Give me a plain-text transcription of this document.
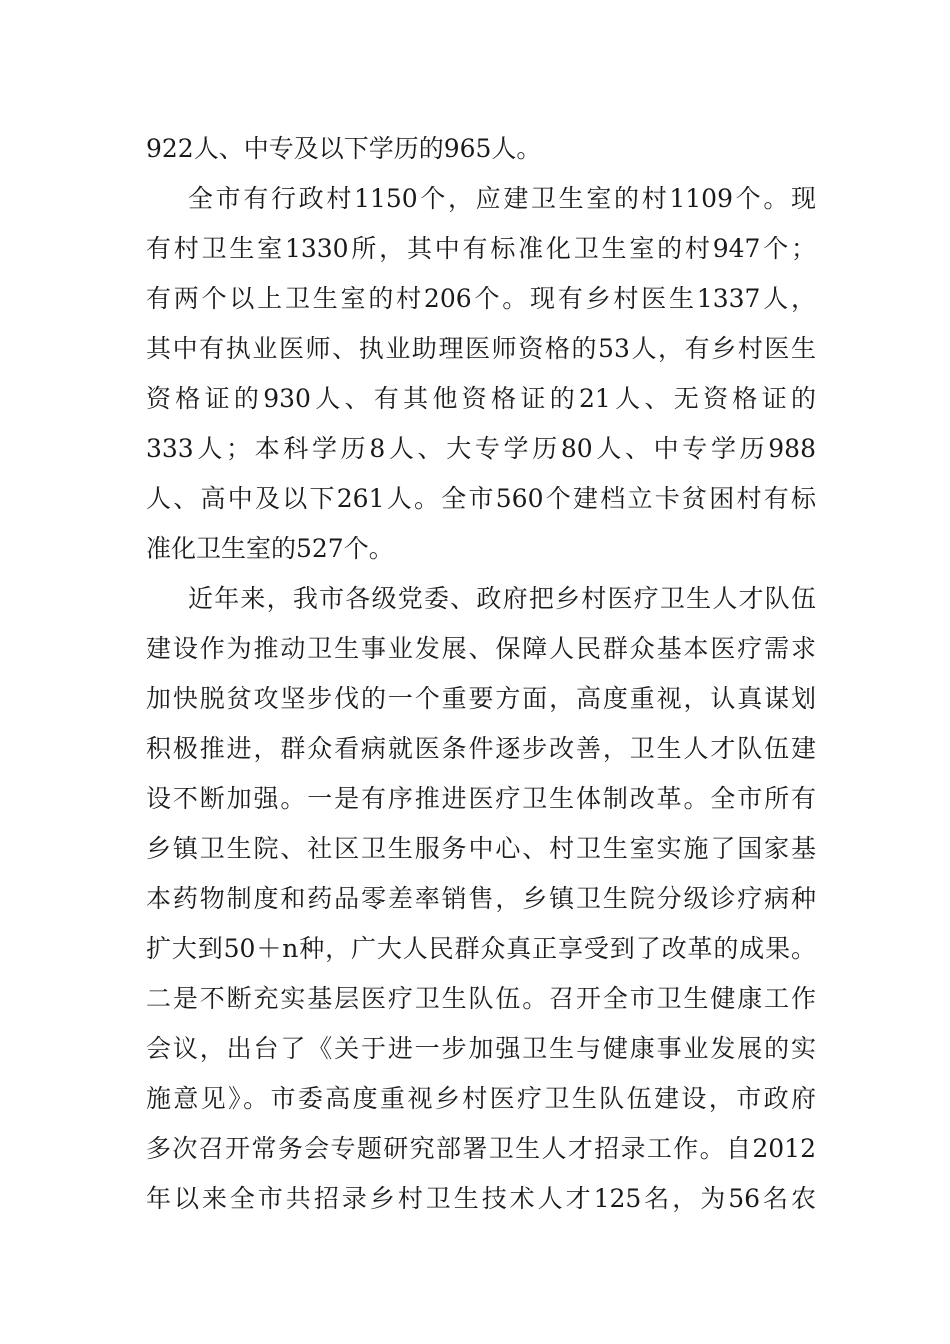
922人、中专及以下学历的965人。
全市有行政村1150个，应建卫生室的村1109个。现
有村卫生室1330所，其中有标准化卫生室的村947个；
有两个以上卫生室的村206个。现有乡村医生1337人，
其中有执业医师、执业助理医师资格的53人，有乡村医生
资格证的930人、有其他资格证的21人、无资格证的
333人；本科学历8人、大专学历80人、中专学历988
人、高中及以下261人。全市560个建档立卡贫困村有标
准化卫生室的527个。
近年来，我市各级党委、政府把乡村医疗卫生人才队伍
建设作为推动卫生事业发展、保障人民群众基本医疗需求
加快脱贫攻坚步伐的一个重要方面，高度重视，认真谋划
积极推进，群众看病就医条件逐步改善，卫生人才队伍建
设不断加强。一是有序推进医疗卫生体制改革。全市所有
乡镇卫生院、社区卫生服务中心、村卫生室实施了国家基
本药物制度和药品零差率销售，乡镇卫生院分级诊疗病种
扩大到50＋n种，广大人民群众真正享受到了改革的成果。
二是不断充实基层医疗卫生队伍。召开全市卫生健康工作
会议，出台了《关于进一步加强卫生与健康事业发展的实
施意见》。市委高度重视乡村医疗卫生队伍建设，市政府
多次召开常务会专题研究部署卫生人才招录工作。自2012
年以来全市共招录乡村卫生技术人才125名，为56名农
